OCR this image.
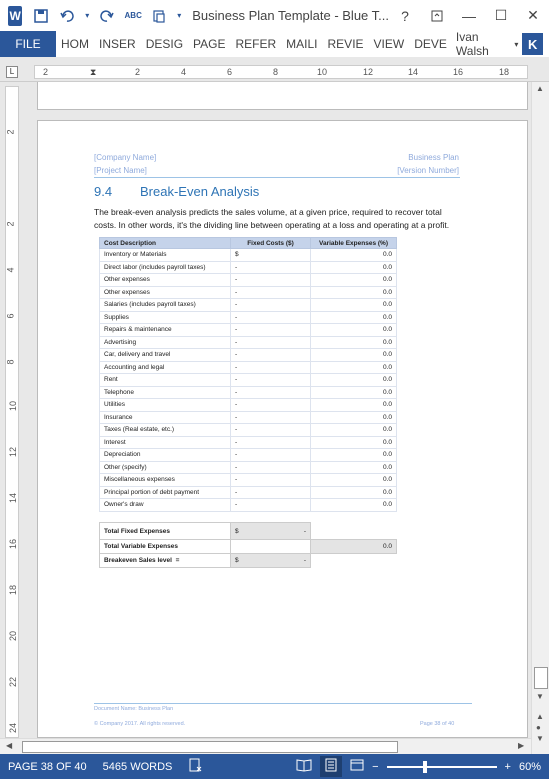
W	▾	ABC	▾ Business Plan Template - Blue T... ?	—	☐	✕
FILE	HOM INSER DESIG PAGE REFER MAILI REVIE VIEW DEVE Ivan Walsh	▾ K
L	2	⧗	2	4	6	8	10	12	14	16	18
2
2
4
6
8
10
12
14
16
18
20
22
24
[Company Name]
[Project Name]
Business Plan
[Version Number]
9.4 Break-Even Analysis
The break-even analysis predicts the sales volume, at a given price, required to recover total costs. In other words, it's the dividing line between operating at a loss and operating at a profit.
Cost Description	Fixed Costs ($)	Variable Expenses (%)
Inventory or Materials	$	0.0
Direct labor (includes payroll taxes)	-	0.0
Other expenses	-	0.0
Other expenses	-	0.0
Salaries (includes payroll taxes)	-	0.0
Supplies	-	0.0
Repairs & maintenance	-	0.0
Advertising	-	0.0
Car, delivery and travel	-	0.0
Accounting and legal	-	0.0
Rent	-	0.0
Telephone	-	0.0
Utilities	-	0.0
Insurance	-	0.0
Taxes (Real estate, etc.)	-	0.0
Interest	-	0.0
Depreciation	-	0.0
Other (specify)	-	0.0
Miscellaneous expenses	-	0.0
Principal portion of debt payment	-	0.0
Owner's draw	-	0.0
Total Fixed Expenses	$ -	

Total Variable Expenses		0.0
Breakeven Sales level =	$ -	

Document Name: Business Plan
© Company 2017. All rights reserved.	Page 38 of 40
▲
▼
▲
●
▼
◀	▶
PAGE 38 OF 40	5465 WORDS	−	+ 60%
